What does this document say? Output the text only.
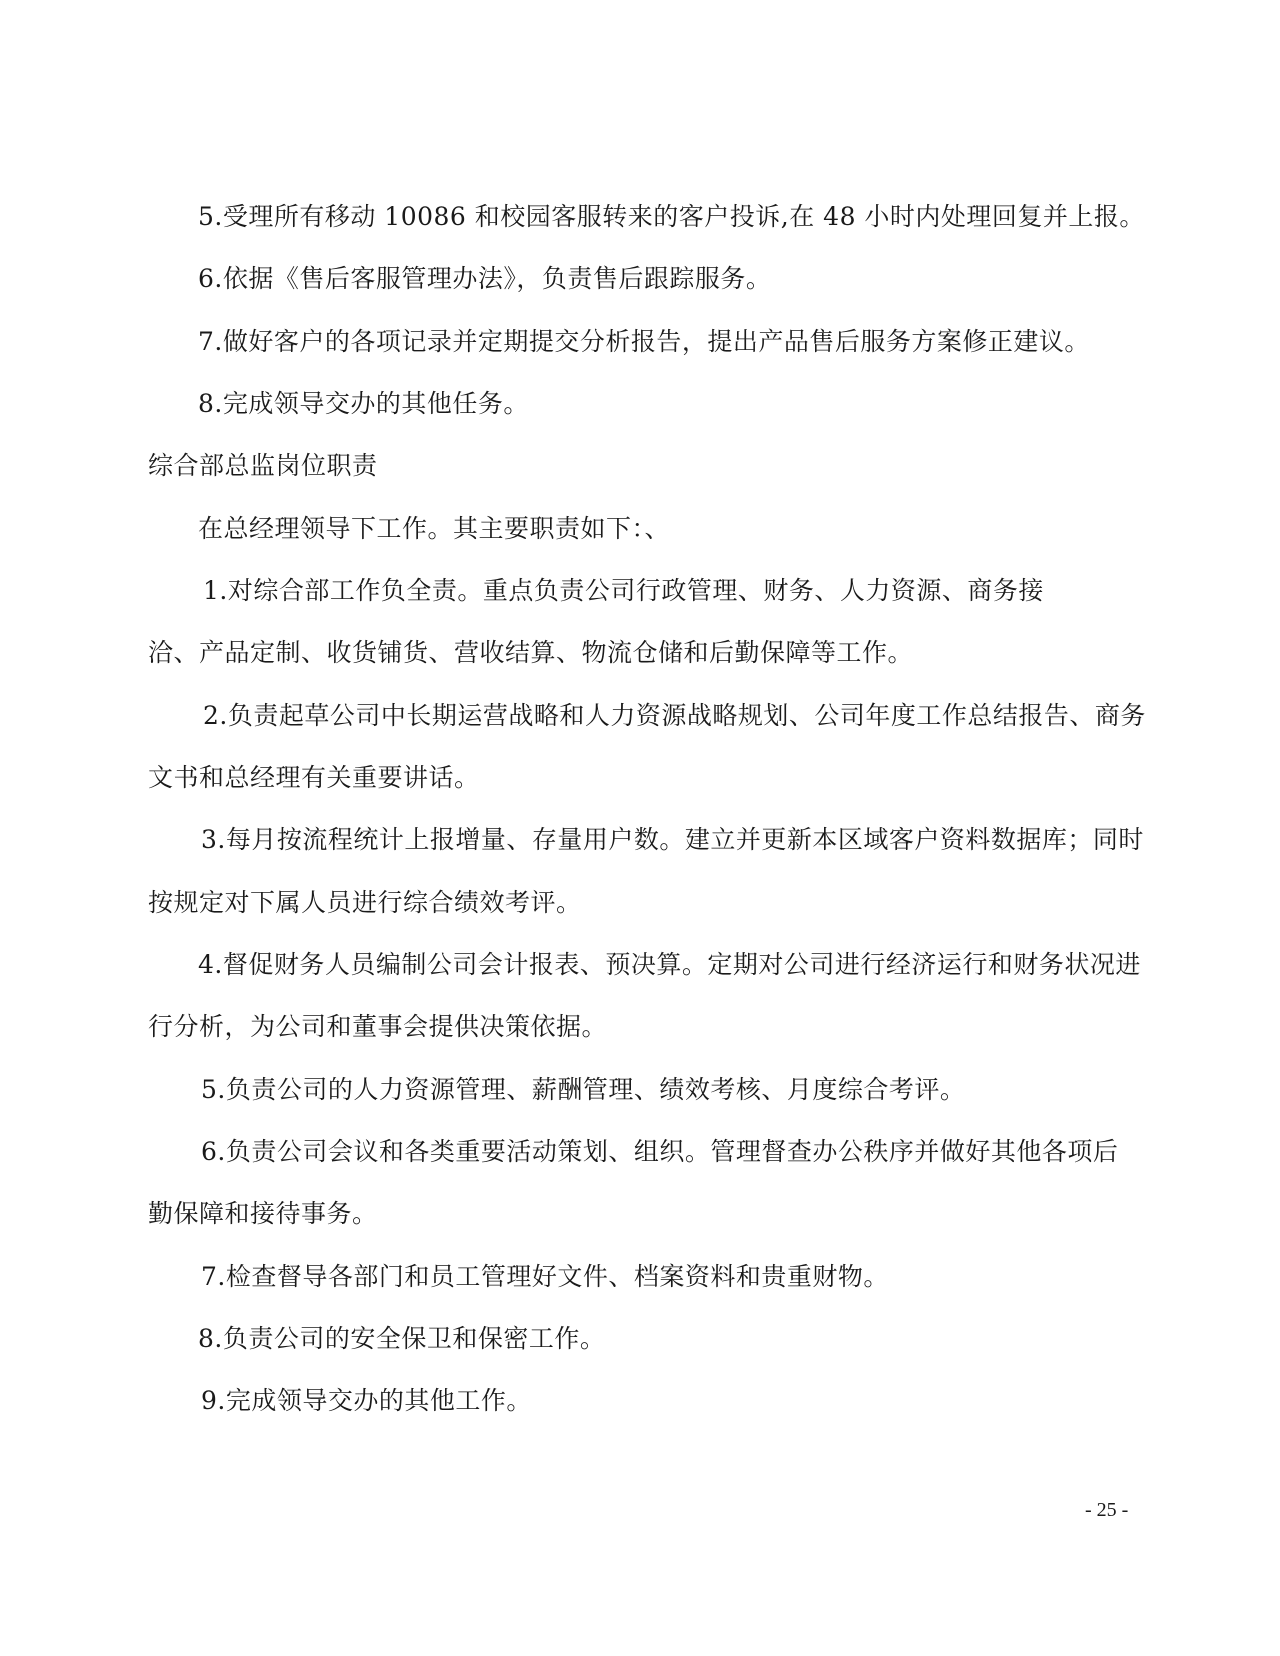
5.受理所有移动 10086 和校园客服转来的客户投诉,在 48 小时内处理回复并上报。
6.依据《售后客服管理办法》，负责售后跟踪服务。
7.做好客户的各项记录并定期提交分析报告，提出产品售后服务方案修正建议。
8.完成领导交办的其他任务。
综合部总监岗位职责
在总经理领导下工作。其主要职责如下：、
1.对综合部工作负全责。重点负责公司行政管理、财务、人力资源、商务接
洽、产品定制、收货铺货、营收结算、物流仓储和后勤保障等工作。
2.负责起草公司中长期运营战略和人力资源战略规划、公司年度工作总结报告、商务
文书和总经理有关重要讲话。
3.每月按流程统计上报增量、存量用户数。建立并更新本区域客户资料数据库；同时
按规定对下属人员进行综合绩效考评。
4.督促财务人员编制公司会计报表、预决算。定期对公司进行经济运行和财务状况进
行分析，为公司和董事会提供决策依据。
5.负责公司的人力资源管理、薪酬管理、绩效考核、月度综合考评。
6.负责公司会议和各类重要活动策划、组织。管理督查办公秩序并做好其他各项后
勤保障和接待事务。
7.检查督导各部门和员工管理好文件、档案资料和贵重财物。
8.负责公司的安全保卫和保密工作。
9.完成领导交办的其他工作。
- 25 -
